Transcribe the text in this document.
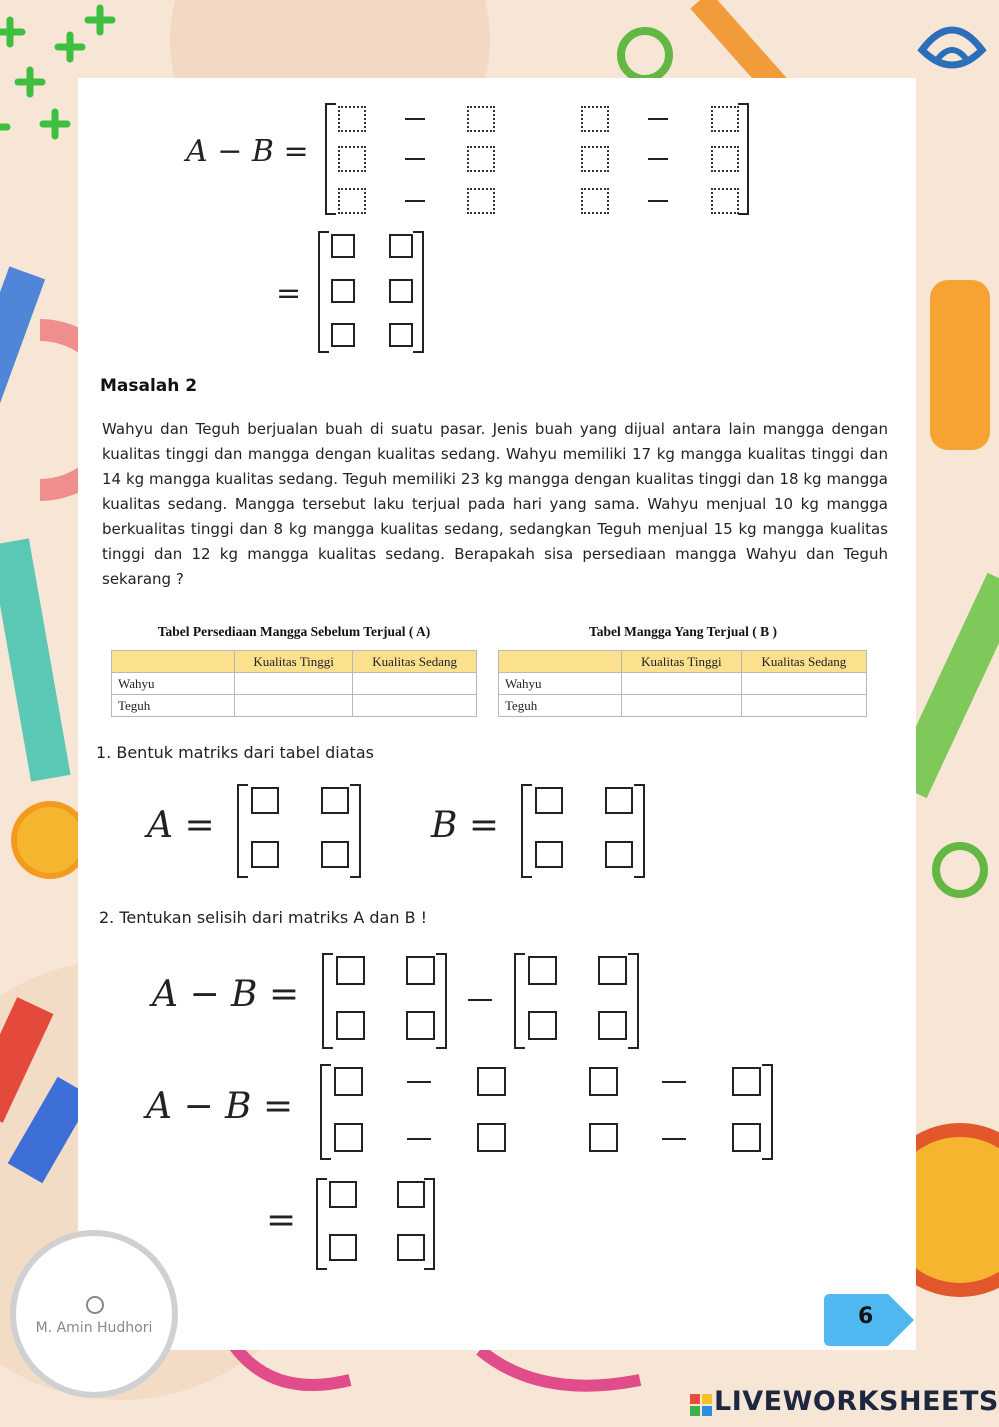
A − B =
=
Masalah 2
Wahyu dan Teguh berjualan buah di suatu pasar. Jenis buah yang dijual antara lain mangga dengan kualitas tinggi dan mangga dengan kualitas sedang. Wahyu memiliki 17 kg mangga kualitas tinggi dan 14 kg mangga kualitas sedang. Teguh memiliki 23 kg mangga dengan kualitas tinggi dan 18 kg mangga kualitas sedang. Mangga tersebut laku terjual pada hari yang sama. Wahyu menjual 10 kg mangga berkualitas tinggi dan 8 kg mangga kualitas sedang, sedangkan Teguh menjual 15 kg mangga kualitas tinggi dan 12 kg mangga kualitas sedang. Berapakah sisa persediaan mangga Wahyu dan Teguh sekarang ?
Tabel Persediaan Mangga Sebelum Terjual ( A)
	Kualitas Tinggi	Kualitas Sedang
Wahyu		
Teguh		
Tabel Mangga Yang Terjual ( B )
	Kualitas Tinggi	Kualitas Sedang
Wahyu		
Teguh		
1. Bentuk matriks dari tabel diatas
A =	B =
2. Tentukan selisih dari matriks A dan B !
A − B =
A − B =
=
M. Amin Hudhori	6
LIVEWORKSHEETS
